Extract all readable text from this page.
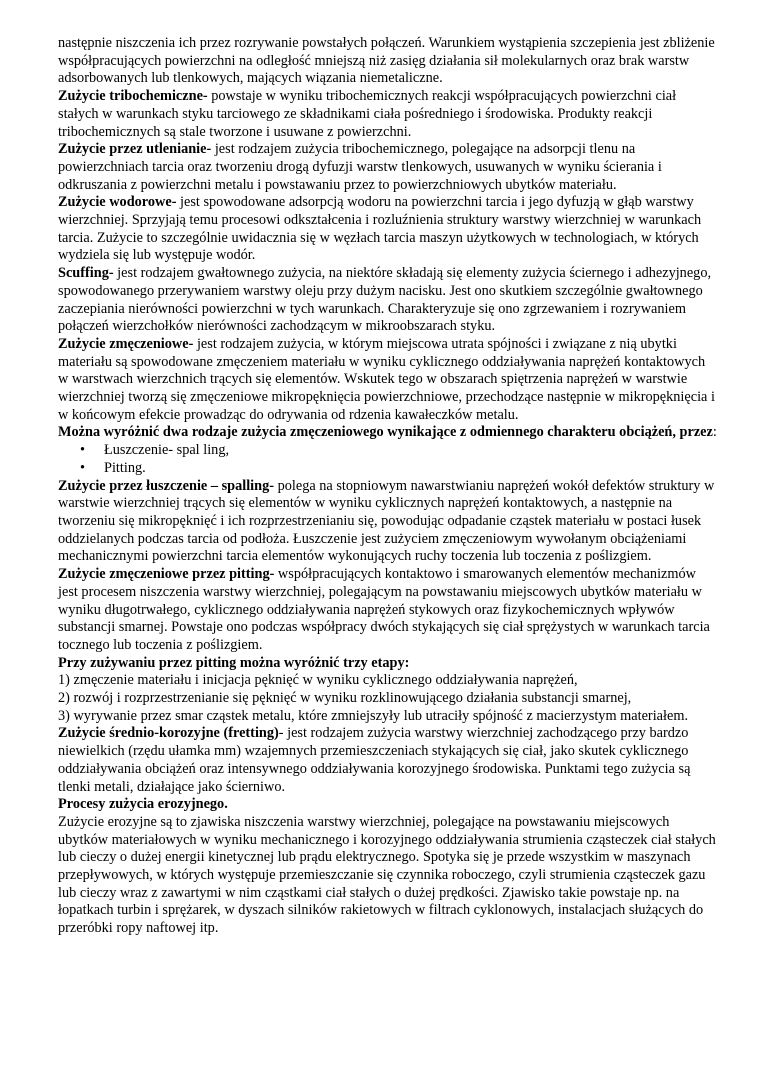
następnie niszczenia ich przez rozrywanie powstałych połączeń. Warunkiem wystąpienia szczepienia jest zbliżenie współpracujących powierzchni na odległość mniejszą niż zasięg działania sił molekularnych oraz brak warstw adsorbowanych lub tlenkowych, mających wiązania niemetaliczne.

Zużycie tribochemiczne- powstaje w wyniku tribochemicznych reakcji współpracujących powierzchni ciał stałych w warunkach styku tarciowego ze składnikami ciała pośredniego i środowiska. Produkty reakcji tribochemicznych są stale tworzone i usuwane z powierzchni.

Zużycie przez utlenianie- jest rodzajem zużycia tribochemicznego, polegające na adsorpcji tlenu na powierzchniach tarcia oraz tworzeniu drogą dyfuzji warstw tlenkowych, usuwanych w wyniku ścierania i odkruszania z powierzchni metalu i powstawaniu przez to powierzchniowych ubytków materiału.

Zużycie wodorowe- jest spowodowane adsorpcją wodoru na powierzchni tarcia i jego dyfuzją w głąb warstwy wierzchniej. Sprzyjają temu procesowi odkształcenia i rozluźnienia struktury warstwy wierzchniej w warunkach tarcia. Zużycie to szczególnie uwidacznia się w węzłach tarcia maszyn użytkowych w technologiach, w których wydziela się lub występuje wodór.

Scuffing- jest rodzajem gwałtownego zużycia, na niektóre składają się elementy zużycia ściernego i adhezyjnego, spowodowanego przerywaniem warstwy oleju przy dużym nacisku. Jest ono skutkiem szczególnie gwałtownego zaczepiania nierówności powierzchni w tych warunkach. Charakteryzuje się ono zgrzewaniem i rozrywaniem połączeń wierzchołków nierówności zachodzącym w mikroobszarach styku.

Zużycie zmęczeniowe- jest rodzajem zużycia, w którym miejscowa utrata spójności i związane z nią ubytki materiału są spowodowane zmęczeniem materiału w wyniku cyklicznego oddziaływania naprężeń kontaktowych w warstwach wierzchnich trących się elementów. Wskutek tego w obszarach spiętrzenia naprężeń w warstwie wierzchniej tworzą się zmęczeniowe mikropęknięcia powierzchniowe, przechodzące następnie w mikropęknięcia i w końcowym efekcie prowadząc do odrywania od rdzenia kawałeczków metalu.

Można wyróżnić dwa rodzaje zużycia zmęczeniowego wynikające z odmiennego charakteru obciążeń, przez:

• Łuszczenie- spal ling,
• Pitting.

Zużycie przez łuszczenie – spalling- polega na stopniowym nawarstwianiu naprężeń wokół defektów struktury w warstwie wierzchniej trących się elementów w wyniku cyklicznych naprężeń kontaktowych, a następnie na tworzeniu się mikropęknięć i ich rozprzestrzenianiu się, powodując odpadanie cząstek materiału w postaci łusek oddzielanych podczas tarcia od podłoża. Łuszczenie jest zużyciem zmęczeniowym wywołanym obciążeniami mechanicznymi powierzchni tarcia elementów wykonujących ruchy toczenia lub toczenia z poślizgiem.

Zużycie zmęczeniowe przez pitting- współpracujących kontaktowo i smarowanych elementów mechanizmów jest procesem niszczenia warstwy wierzchniej, polegającym na powstawaniu miejscowych ubytków materiału w wyniku długotrwałego, cyklicznego oddziaływania naprężeń stykowych oraz fizykochemicznych wpływów substancji smarnej. Powstaje ono podczas współpracy dwóch stykających się ciał sprężystych w warunkach tarcia tocznego lub toczenia z poślizgiem.

Przy zużywaniu przez pitting można wyróżnić trzy etapy:

1) zmęczenie materiału i inicjacja pęknięć w wyniku cyklicznego oddziaływania naprężeń,

2) rozwój i rozprzestrzenianie się pęknięć w wyniku rozklinowującego działania substancji smarnej,

3) wyrywanie przez smar cząstek metalu, które zmniejszyły lub utraciły spójność z macierzystym materiałem.

Zużycie średnio-korozyjne (fretting)- jest rodzajem zużycia warstwy wierzchniej zachodzącego przy bardzo niewielkich (rzędu ułamka mm) wzajemnych przemieszczeniach stykających się ciał, jako skutek cyklicznego oddziaływania obciążeń oraz intensywnego oddziaływania korozyjnego środowiska. Punktami tego zużycia są tlenki metali, działające jako ścierniwo.

Procesy zużycia erozyjnego.

Zużycie erozyjne są to zjawiska niszczenia warstwy wierzchniej, polegające na powstawaniu miejscowych ubytków materiałowych w wyniku mechanicznego i korozyjnego oddziaływania strumienia cząsteczek ciał stałych lub cieczy o dużej energii kinetycznej lub prądu elektrycznego. Spotyka się je przede wszystkim w maszynach przepływowych, w których występuje przemieszczanie się czynnika roboczego, czyli strumienia cząsteczek gazu lub cieczy wraz z zawartymi w nim cząstkami ciał stałych o dużej prędkości. Zjawisko takie powstaje np. na łopatkach turbin i sprężarek, w dyszach silników rakietowych w filtrach cyklonowych, instalacjach służących do przeróbki ropy naftowej itp.
